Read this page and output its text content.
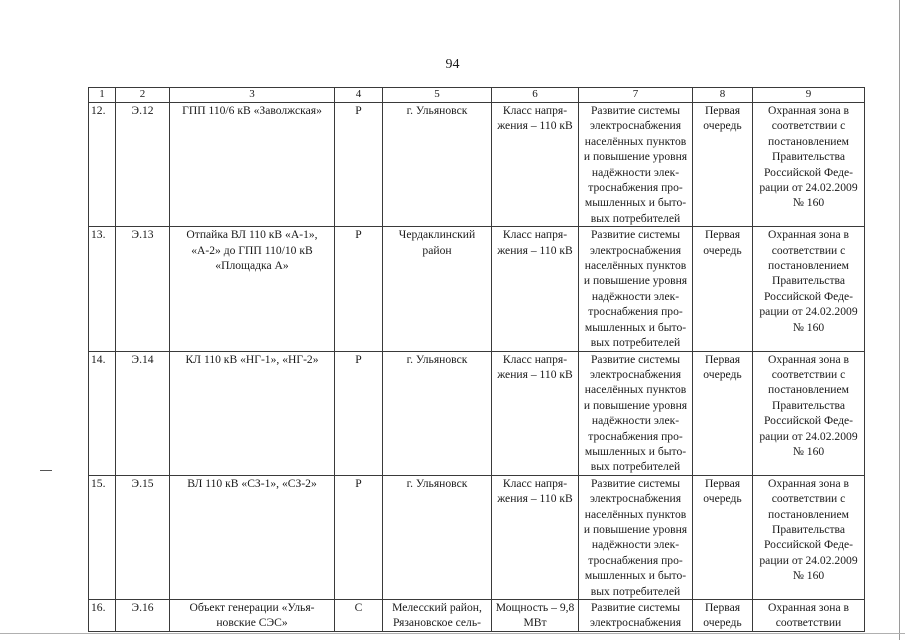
94
1	2	3	4	5	6	7	8	9
12.	Э.12	ГПП 110/6 кВ «Заволжская»	Р	г. Ульяновск	Класс напря-жения – 110 кВ	Развитие системы электроснабжения населённых пунктов и повышение уровня надёжности элек-троснабжения про-мышленных и быто-вых потребителей	Первая очередь	Охранная зона в соответствии с постановлением Правительства Российской Феде-рации от 24.02.2009 № 160
13.	Э.13	Отпайка ВЛ 110 кВ «А-1», «А-2» до ГПП 110/10 кВ «Площадка А»	Р	Чердаклинский район	Класс напря-жения – 110 кВ	Развитие системы электроснабжения населённых пунктов и повышение уровня надёжности элек-троснабжения про-мышленных и быто-вых потребителей	Первая очередь	Охранная зона в соответствии с постановлением Правительства Российской Феде-рации от 24.02.2009 № 160
14.	Э.14	КЛ 110 кВ «НГ-1», «НГ-2»	Р	г. Ульяновск	Класс напря-жения – 110 кВ	Развитие системы электроснабжения населённых пунктов и повышение уровня надёжности элек-троснабжения про-мышленных и быто-вых потребителей	Первая очередь	Охранная зона в соответствии с постановлением Правительства Российской Феде-рации от 24.02.2009 № 160
15.	Э.15	ВЛ 110 кВ «СЗ-1», «СЗ-2»	Р	г. Ульяновск	Класс напря-жения – 110 кВ	Развитие системы электроснабжения населённых пунктов и повышение уровня надёжности элек-троснабжения про-мышленных и быто-вых потребителей	Первая очередь	Охранная зона в соответствии с постановлением Правительства Российской Феде-рации от 24.02.2009 № 160
16.	Э.16	Объект генерации «Улья-новские СЭС»	С	Мелесский район, Рязановское сель-	Мощность – 9,8 МВт	Развитие системы электроснабжения	Первая очередь	Охранная зона в соответствии
